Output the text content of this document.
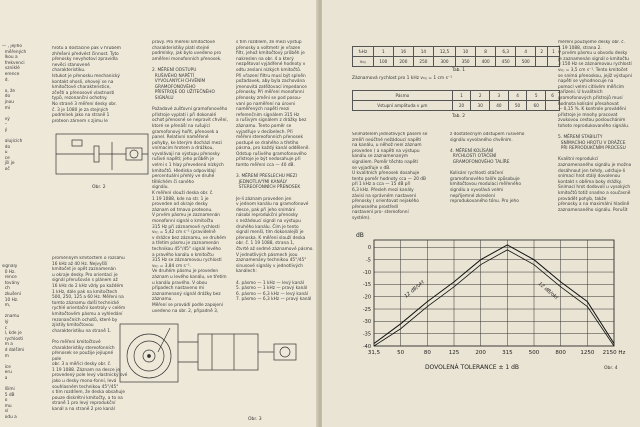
— , jejího
měřených
lkou a
frekvenci
vzniklé
erence
d.

o, že
do
jnou
mi

vý
–
ý

alujících
do
u
ce
jší je
oč
signály
0 Hz.
rence
továny
ch
zkušení
10 Hz.
m,

znamu
lý
c
l, kde je
rychlosti
m a
d dalšími
m

íce
eru
a

lšími
5 dB
o
mu
sí
odu a
hrotu a dostačine pak v hrubém
zhřešení předvést činnost. Tyto
přenosky nevyhotoví zpravidla
nevěci stanovené
charakteristiku.
Istukot je přenosku mechanický
kontakt ohosli, ohovejí se na
kmitočtové charakteristice,
zčeští a přenosové vlastnosti
typů, rezonanční ochotny.
No strané 3 měření desky obr.
č. 3 je 1080 je za stejných
podmínek jako na straně 1
proteon zárnem s zjimu le
Obr. 2
proměnným kmitočtem o rozsahu
16 kHz až 40 Hz. Nejvyšší
kmitočet je opět zaznamenán
u okraje desky. Pro orientaci je
signál přerušován s plánem až
16 kHz do 2 kHz vždy po každém
1 kHz, dále pak na kmitočtech
500, 250, 125 a 60 Hz. Měření na
tomto záznamu další technické
rychlé orientační kontroly v celém
kmitočtovém pásmu a vyhledání
rezonančních ochotů, které by
zjistily kmitočtovou
charakteristiku na straně 1.

Pro měření kmitočtové
charakteristiky stereofonních
přenosek se použije jejíupné
pole
obr. 3 a měřicí desky obr. č.
1 19 1088. Záznam na desce je
provedený pole levý vlastnický své
jako u desky mono-fonní, levá
souhlasném technikou 45°/45°
s tím rozdílem, že deska obsahuje
pouze diskrétní kmitočty, a to na
straně 1 pro levý reprodukční
kanál a na straně 2 pro kanál
pravý. Pro měření kmitočtové
charakteristiky platí stejné
podmínky, jak bylo uvedeno pro
aměření monofonních přenosek.

2. MĚŘENÍ ODSTUPU
RUŠIVÉHO NAPĚTÍ
VYVOLANÝCH CHVĚNÍM
GRAMOFONOVÉHO
PŘÍSTROJE OD UŽITEČNÉHO
SIGNÁLU

Požadavé zušťovní gramofonového
přístroje vyplatí i při dokonalé
ochoť přenosné se nepravit chvění,
ktoré se přenáší na rušující
gramofonový hořlt, přenosek a
panel. Relativní naměřené
pohyby, ke kterým dochází mezi
vnímacím hrotem a drážkou,
vyvolávají na výstupu přenosky
rušivé napětí; jeho průběh je
velmi s 1 hlaý převedená nízkých
kmitočtů. Hlediska odpovídají
percentuální přehlý ve druhé
těléchém či saného
signálu.
K měření slouží deska obr. č.
1 19 1088, kde na str. 1 je
proveden od okraje desky
záznam od tmava proteonu.
V prvém pásmu je zaznamenán
monofonní signál o kmitočtu
315 Hz při záznamové rychlosti
v₀₍₎ = 5,42 cm s⁻¹ (pravidelně
v drážce bez záznamu, ve druhém
a třetím pásmu je zaznamenán
technikou 45°/45° signál levého
a pravého kanálu o kmitočtu
315 Hz se záznamovou rychlostí
v₀₍₎ = 3,84 cm s⁻¹.
Ve druhém pásmu je proveden
záznam u levého kanálu, ve třetím
u kanálu pravého. V obou
případech nastaveno mi
zaznamenaný signál drážky bez
záznamu.
Měření se provádí podle zapojení
uvedeno na obr. 2, případně 3,
Obr. 3
s tím rozdílem, že mezi výstup
přenosky a voltmetr je vřazen
filtr, jehož kmitočtový průběh je
nakreslen na obr. 4 a který
nezpětoval vyjádřené hodnoty v
odtu zeslaní nízkých kmitočtů.
Při vřazení filtru musí být splněn
požadavek, aby byla zachována
jmenovitá zatěžovací impedance
přenosky. Při měření monofonní
přenosky změní se pod posou-
vaní po naměření na úrovni
naměřených napětí mezi
referenčním signálem 315 Hz
a rušivým signálem z drážky bez
záznamu. Tento poměr se
vyjadřuje v decibelech. Při
měření stereofonních přenosek
postupé se drahého a třetího
pásma, pro každý kanál odděleně.
Odstup rušivého gramofonového
přístroje je být nedosahuje při
tomto měření cca — 40 dB.

3. MĚŘENÍ PŘESLECHU MEZI
JEDNOTLIVÝMI KANÁLY
STEREOFONNÍCH PŘENOSEK

Je-li záznam proveden jen
v jednom kanálu na gramofonové
desce, pak při jeho snímání
násobí reprodukční přenosky
s nežádoucí signál na výstupu
druhého kanálu. Čím je tento
signál menší, tím dokonalejší je
přenoska. K měření slouží deska
obr. č. 1 19 1088, strana 1,
čtvrté až sedmé záznamové pásmo.
V jednotlivých pásmech jsou
zaznamenány technikou 45°/45°
sinusové signály v jednotlivých
kanálech:

4. pásmo — 1 kHz — levý kanál
5. pásmo — 1 kHz — pravý kanál
6. pásmo — 6,3 kHz — levý kanál
7. pásmo — 6,3 kHz — pravý kanál
f₀Hz	1	16	14	12,5	10	8	6,3	4	2	1
v₀₍₎	100	200	250	300	350	400	450	500		
Tab. 1
Záznamová rychlost pro 1 kHz v₀₍₎ = 1 cm s⁻¹
Pásmo	1	2	3	4	5	6
Vstupní amplituda v μm	20	30	40	50	60	
Tab. 2
Snímatelem jednotlivých pásem se
změří neúčtné nežádoucí napětí
na kanálu, u něhož není záznam
proveden ) a napětí na výstupu
kanálu se zaznamenaným
signálem. Poměr těchto napětí
se vyjadřuje v dB.
U kvalitních přenosek dosahuje
tento poměr hodnoty cca — 20 dB
při 1 kHz a cca — 15 dB při
6,3 kHz. Přesleh mezi kanály
závisí na správném nastavení
přenosky ( orientovat nejakého
přenosného prostředí
nastavení pro- stereofonní
systém).
z dostatečným odstupem rušivého
signálu vyvolaného chvěním.

4. MĚŘENÍ KOLÍSÁNÍ
RYCHLOSTI OTÁČENÍ
GRAMOFONOVÉHO TALÍŘE

Kolísání rychlosti otáčení
gramofonového talíře způsobuje
kmitočtovou modulaci měřeného
signálu a vyvolává velmi
nepříjemné zkreslení
reprodukovaného tónu. Pro jeho
měření použijeme desky obr. č.
1 19 1088, strana 2.
V prvém pásmu u obvodu desky
je zaznamenán signál o kmitočtu
3 150 Hz se záznamovou rychlostí
v₀₍₎ = 3,5 cm s⁻¹. Tento kmitočet
se snímá přenoskou, jejíž výstupní
napětí se vyhodnocuje na
pomocí velmi citlivém měřicím
zařízení. U kvalitních
gramofonových přístrojů musí
hodnota kolísání přesahovat
— 0,15 %. K kontrole provádění
přístroje je mnohy pracovat
zvukovou cestou posloucháním
tohoto reprodukovaného signálu.

5. MĚŘENÍ STABILITY
SNÍMACÍHO HROTU V DRÁŽCE
PŘI REPRODUKČNÍM PROCESU

Kvalitní reprodukcí
zaznamenaného signálu je možno
dosáhnout jen tehdy, udržuje-li
snímací hrot stálý dovolenou
kontakt s oběma boky drážky.
Snímací hrot dodovolí u vysokých
kmitočtů totiž snadno a současně
provádět pohyb, takže
přenosky a na maximální hladině
zaznamenaného signálu. Porušit
31,5	50	80	125	200	315	500	800	1250 2150 Hz
0
-5
-10
-15
-20
-25
-30
-35
-40
dB
12 dB/okt	12 dB/okt
DOVOLENÁ TOLERANCE ± 1 dB	Obr. 4
